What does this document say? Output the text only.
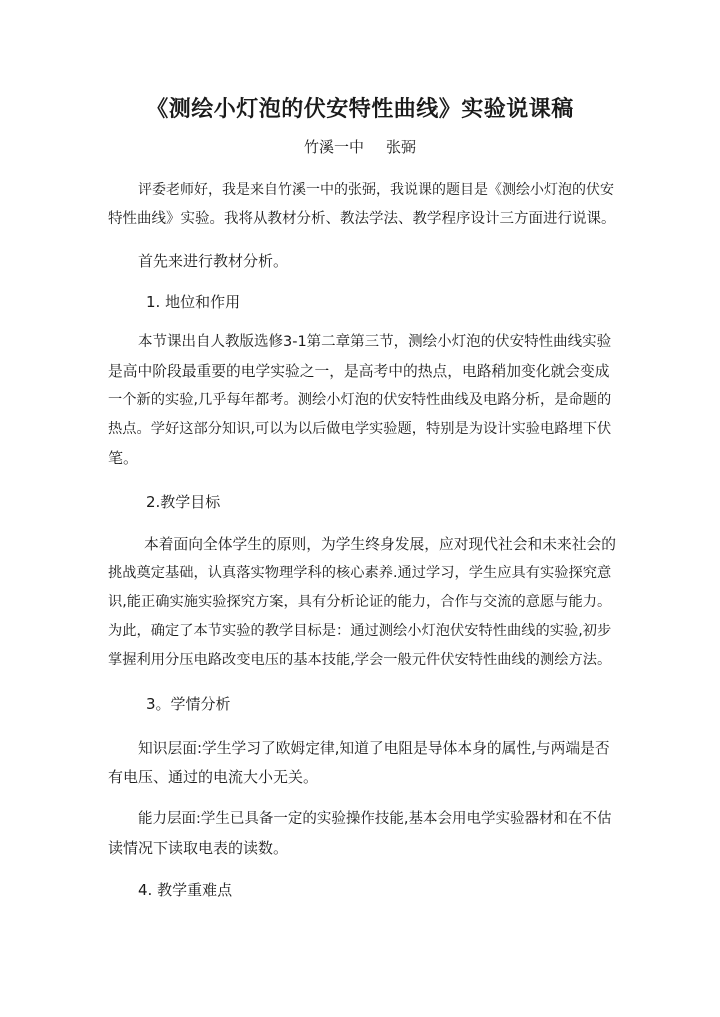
《测绘小灯泡的伏安特性曲线》实验说课稿
竹溪一中 张弼
评委老师好，我是来自竹溪一中的张弼，我说课的题目是《测绘小灯泡的伏安
特性曲线》实验。我将从教材分析、教法学法、教学程序设计三方面进行说课。
首先来进行教材分析。
1. 地位和作用
本节课出自人教版选修3-1第二章第三节，测绘小灯泡的伏安特性曲线实验
是高中阶段最重要的电学实验之一，是高考中的热点，电路稍加变化就会变成
一个新的实验,几乎每年都考。测绘小灯泡的伏安特性曲线及电路分析，是命题的
热点。学好这部分知识,可以为以后做电学实验题，特别是为设计实验电路埋下伏
笔。
2.教学目标
本着面向全体学生的原则，为学生终身发展，应对现代社会和未来社会的
挑战奠定基础，认真落实物理学科的核心素养.通过学习，学生应具有实验探究意
识,能正确实施实验探究方案，具有分析论证的能力，合作与交流的意愿与能力。
为此，确定了本节实验的教学目标是：通过测绘小灯泡伏安特性曲线的实验,初步
掌握利用分压电路改变电压的基本技能,学会一般元件伏安特性曲线的测绘方法。
3。学情分析
知识层面:学生学习了欧姆定律,知道了电阻是导体本身的属性,与两端是否
有电压、通过的电流大小无关。
能力层面:学生已具备一定的实验操作技能,基本会用电学实验器材和在不估
读情况下读取电表的读数。
4. 教学重难点
